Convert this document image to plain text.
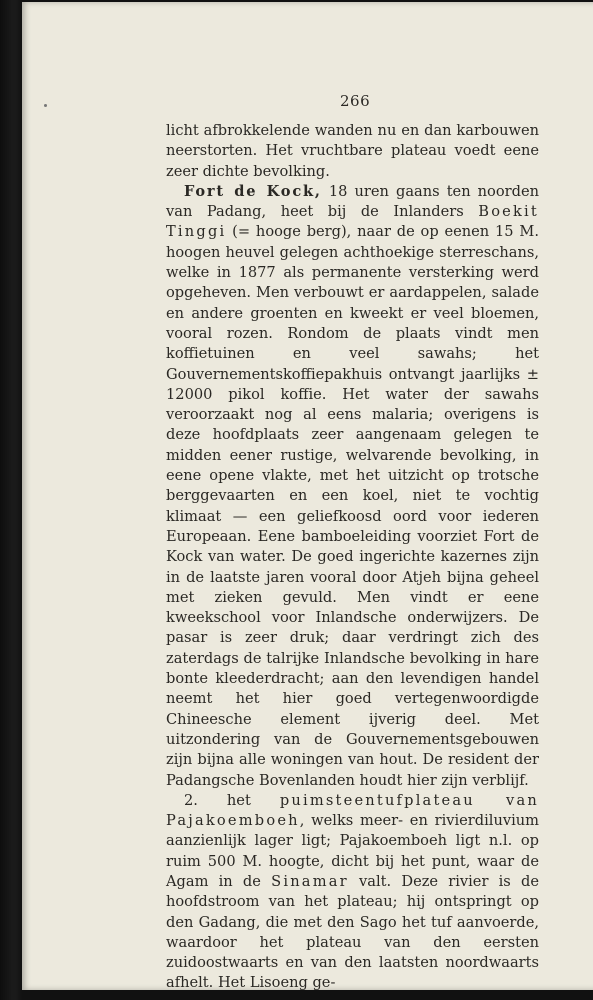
266

licht afbrokkelende wanden nu en dan karbouwen neerstorten. Het vruchtbare plateau voedt eene zeer dichte bevolking.

Fort de Kock, 18 uren gaans ten noorden van Padang, heet bij de Inlanders Boekit Tinggi (= hooge berg), naar de op eenen 15 M. hoogen heuvel gelegen achthoekige sterreschans, welke in 1877 als permanente versterking werd opgeheven. Men verbouwt er aardappelen, salade en andere groenten en kweekt er veel bloemen, vooral rozen. Rondom de plaats vindt men koffietuinen en veel sawahs; het Gouvernementskoffiepakhuis ontvangt jaarlijks ± 12000 pikol koffie. Het water der sawahs veroorzaakt nog al eens malaria; overigens is deze hoofdplaats zeer aangenaam gelegen te midden eener rustige, welvarende bevolking, in eene opene vlakte, met het uitzicht op trotsche berggevaarten en een koel, niet te vochtig klimaat — een geliefkoosd oord voor iederen Europeaan. Eene bamboeleiding voorziet Fort de Kock van water. De goed ingerichte kazernes zijn in de laatste jaren vooral door Atjeh bijna geheel met zieken gevuld. Men vindt er eene kweekschool voor Inlandsche onderwijzers. De pasar is zeer druk; daar verdringt zich des zaterdags de talrijke Inlandsche bevolking in hare bonte kleederdracht; aan den levendigen handel neemt het hier goed vertegenwoordigde Chineesche element ijverig deel. Met uitzondering van de Gouvernementsgebouwen zijn bijna alle woningen van hout. De resident der Padangsche Bovenlanden houdt hier zijn verblijf.

2. het puimsteentufplateau van Pajakoemboeh, welks meer- en rivierdiluvium aanzienlijk lager ligt; Pajakoemboeh ligt n.l. op ruim 500 M. hoogte, dicht bij het punt, waar de Agam in de Sinamar valt. Deze rivier is de hoofdstroom van het plateau; hij ontspringt op den Gadang, die met den Sago het tuf aanvoerde, waardoor het plateau van den eersten zuidoostwaarts en van den laatsten noordwaarts afhelt. Het Lisoeng ge-
